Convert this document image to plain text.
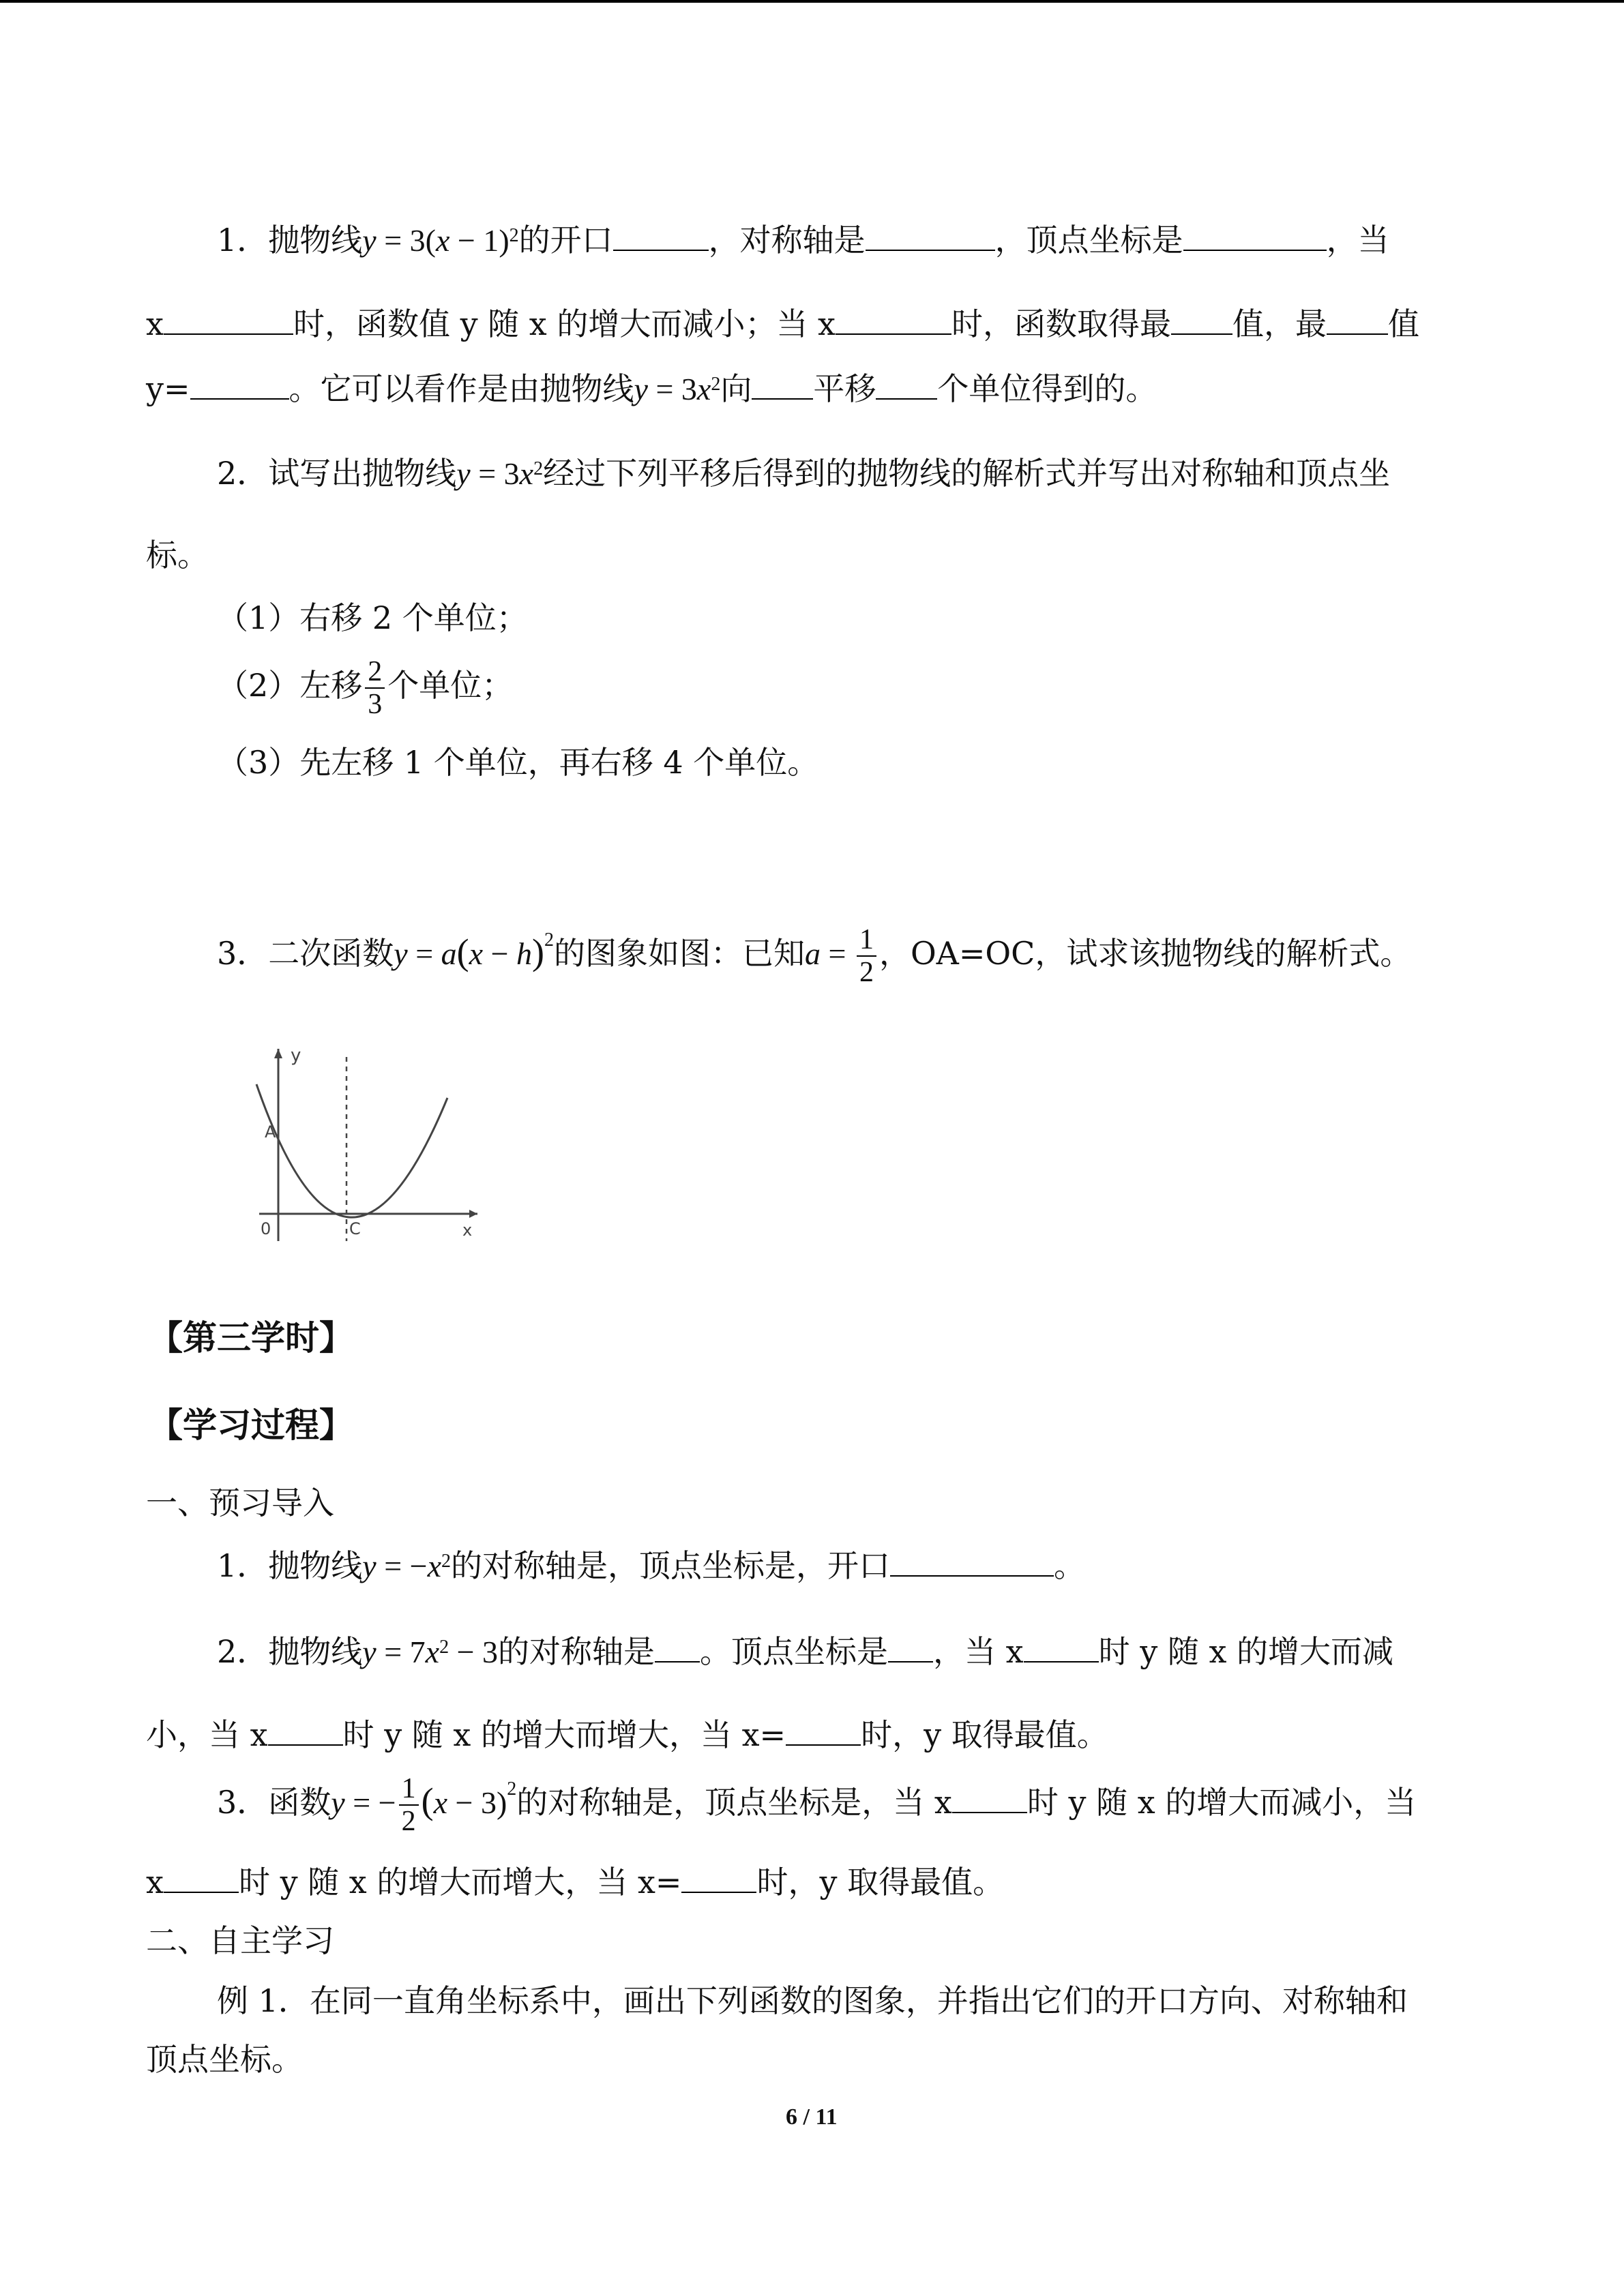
1．抛物线$y = 3(x - 1)^2$的开口	，对称轴是	，顶点坐标是	，当
x	时，函数值 y 随 x 的增大而减小；当 x	时，函数取得最 值，最 值
y=	。它可以看作是由抛物线$y = 3x^2$向 平移 个单位得到的。
2．试写出抛物线$y = 3x^2$经过下列平移后得到的抛物线的解析式并写出对称轴和顶点坐
标。
（1）右移 2 个单位；
（2）左移 $\frac{2}{3}$ 个单位；
（3）先左移 1 个单位，再右移 4 个单位。
3．二次函数$y = a(x - h)^2$的图象如图：已知$a = \frac{1}{2}$ ，OA=OC，试求该抛物线的解析式。
y
A
0	C	x
【第三学时】
【学习过程】
一、预习导入
1．抛物线$y = -x^2$的对称轴是，顶点坐标是，开口	。
2．抛物线$y = 7x^2 - 3$的对称轴是 。顶点坐标是 ，当 x 时 y 随 x 的增大而减
小，当 x 时 y 随 x 的增大而增大，当 x= 时，y 取得最值。
3．函数y = − $\frac{1}{2} (x - 3)^2$的对称轴是，顶点坐标是，当 x 时 y 随 x 的增大而减小，当
x 时 y 随 x 的增大而增大，当 x= 时，y 取得最值。
二、自主学习
例 1．在同一直角坐标系中，画出下列函数的图象，并指出它们的开口方向、对称轴和
顶点坐标。
6 / 11
